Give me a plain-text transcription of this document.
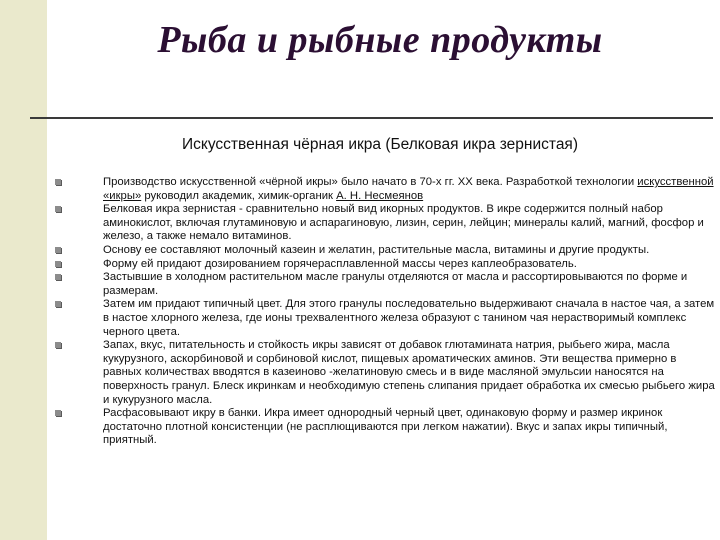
Рыба и рыбные продукты
Искусственная чёрная икра (Белковая икра зернистая)
Производство искусственной «чёрной икры» было начато в 70-х гг. XX века. Разработкой технологии искусственной «икры» руководил академик, химик-органик А. Н. Несмеянов
Белковая икра зернистая - сравнительно новый вид икорных продуктов. В икре содержится полный набор аминокислот, включая глутаминовую и аспарагиновую, лизин, серин, лейцин; минералы калий, магний, фосфор и железо, а также немало витаминов.
Основу ее составляют молочный казеин и желатин, растительные масла, витамины и другие продукты.
Форму ей придают дозированием горячерасплавленной массы через каплеобразователь.
Застывшие в холодном растительном масле гранулы отделяются от масла и рассортировываются по форме и размерам.
Затем им придают типичный цвет. Для этого гранулы последовательно выдерживают сначала в настое чая, а затем в настое хлорного железа, где ионы трехвалентного железа образуют с танином чая нерастворимый комплекс черного цвета.
Запах, вкус, питательность и стойкость икры зависят от добавок глютамината натрия, рыбьего жира, масла кукурузного, аскорбиновой и сорбиновой кислот, пищевых ароматических аминов. Эти вещества примерно в равных количествах вводятся в казеиново -желатиновую смесь и в виде масляной эмульсии наносятся на поверхность гранул. Блеск икринкам и необходимую степень слипания придает обработка их смесью рыбьего жира и кукурузного масла.
Расфасовывают икру в банки. Икра имеет однородный черный цвет, одинаковую форму и размер икринок достаточно плотной консистенции (не расплющиваются при легком нажатии). Вкус и запах икры типичный, приятный.
